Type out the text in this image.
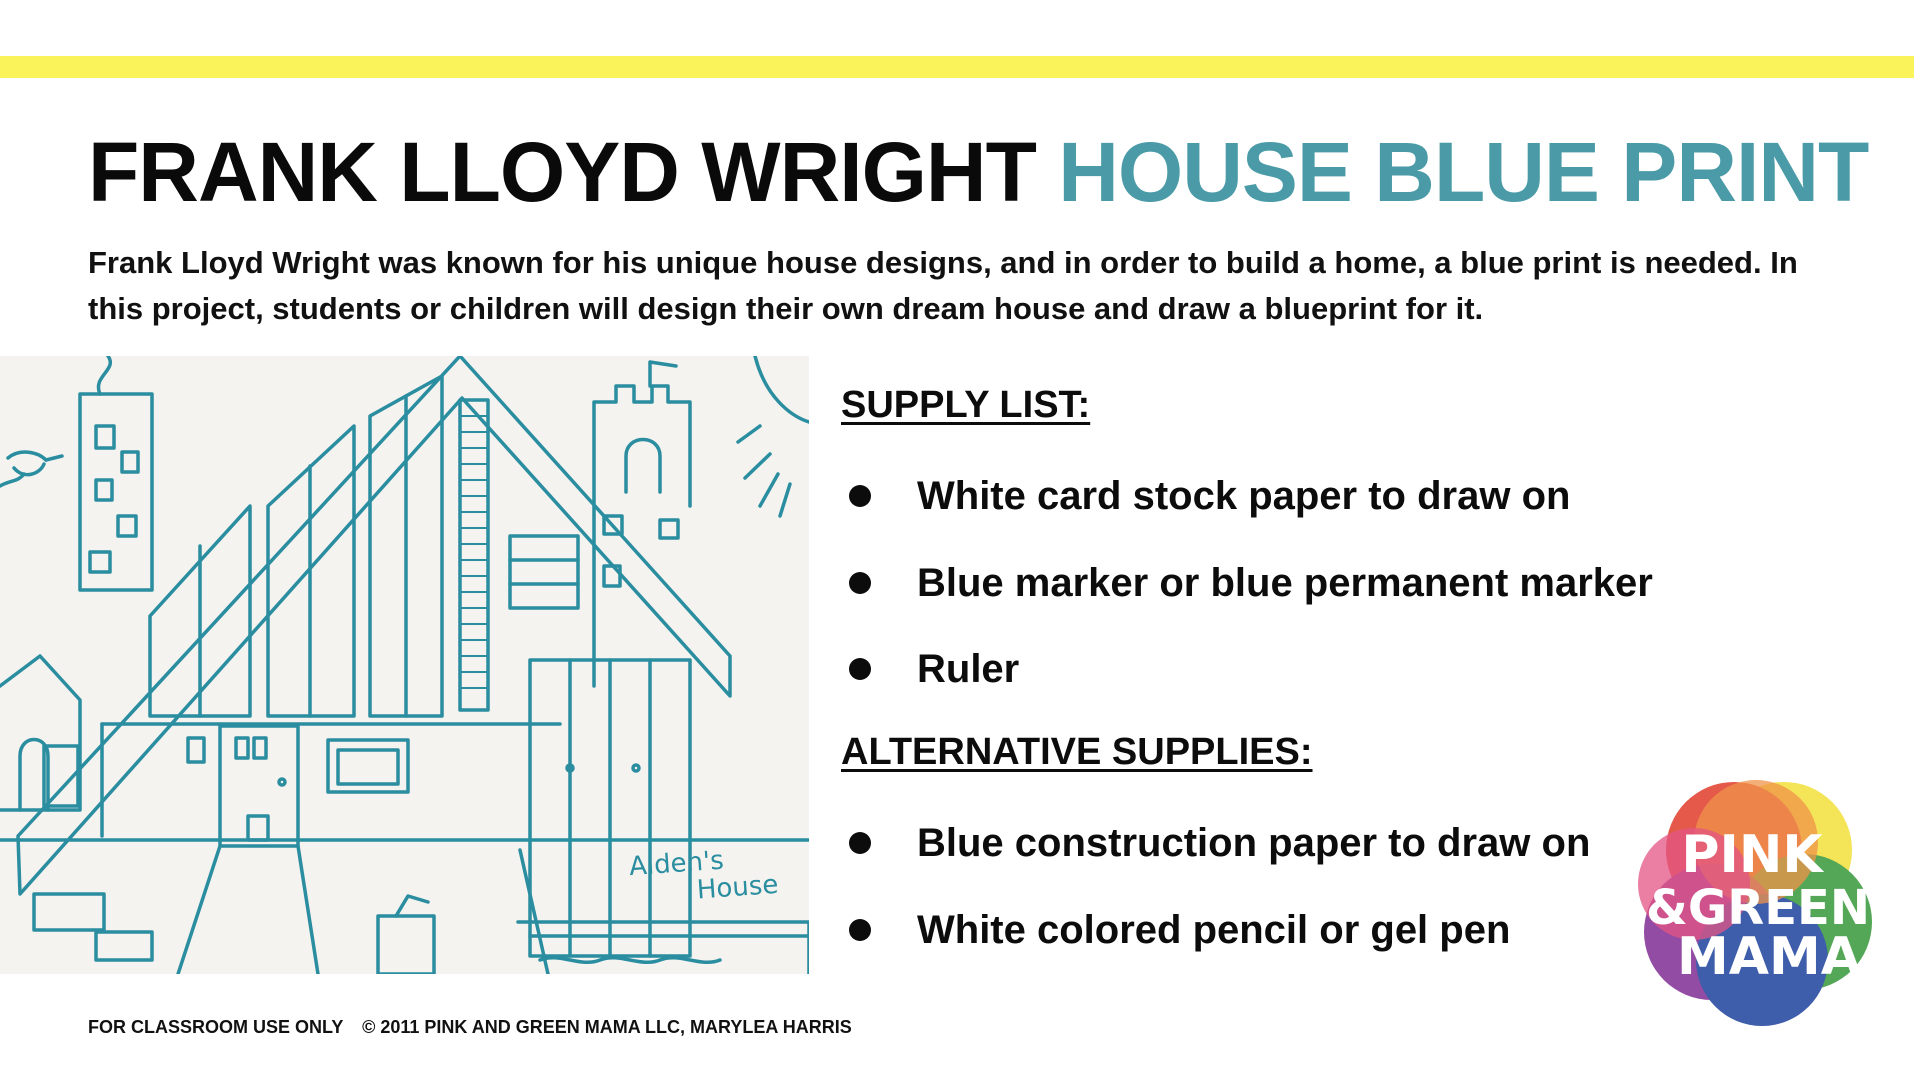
FRANK LLOYD WRIGHT HOUSE BLUE PRINT

Frank Lloyd Wright was known for his unique house designs, and in order to build a home, a blue print is needed. In this project, students or children will design their own dream house and draw a blueprint for it.

Aiden's
House
SUPPLY LIST:
White card stock paper to draw on
Blue marker or blue permanent marker
Ruler
ALTERNATIVE SUPPLIES:
Blue construction paper to draw on
White colored pencil or gel pen
PINK
&GREEN
MAMA

FOR CLASSROOM USE ONLY © 2011 PINK AND GREEN MAMA LLC, MARYLEA HARRIS
